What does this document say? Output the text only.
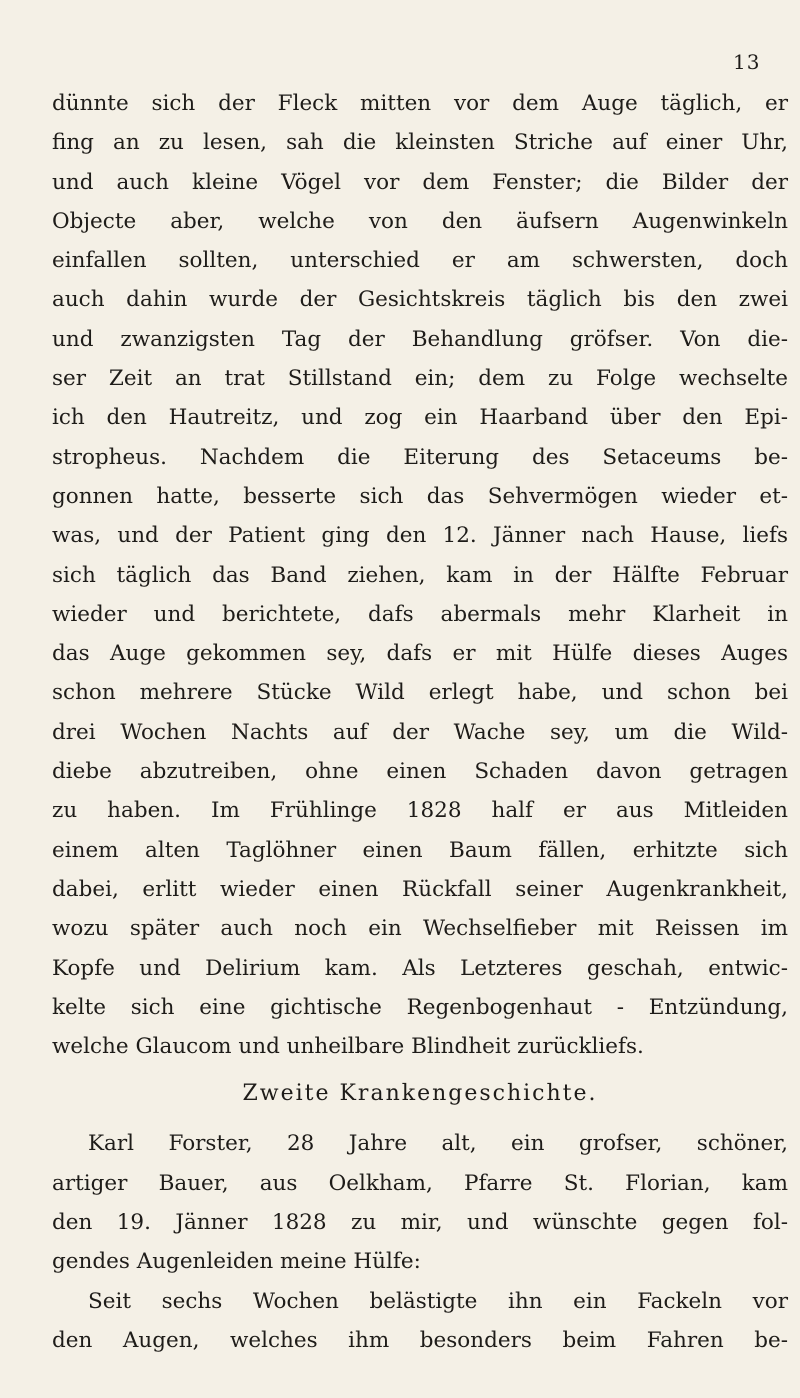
13
dünnte sich der Fleck mitten vor dem Auge täglich, er
fing an zu lesen, sah die kleinsten Striche auf einer Uhr,
und auch kleine Vögel vor dem Fenster; die Bilder der
Objecte aber, welche von den äufsern Augenwinkeln
einfallen sollten, unterschied er am schwersten, doch
auch dahin wurde der Gesichtskreis täglich bis den zwei
und zwanzigsten Tag der Behandlung gröfser. Von die-
ser Zeit an trat Stillstand ein; dem zu Folge wechselte
ich den Hautreitz, und zog ein Haarband über den Epi-
stropheus. Nachdem die Eiterung des Setaceums be-
gonnen hatte, besserte sich das Sehvermögen wieder et-
was, und der Patient ging den 12. Jänner nach Hause, liefs
sich täglich das Band ziehen, kam in der Hälfte Februar
wieder und berichtete, dafs abermals mehr Klarheit in
das Auge gekommen sey, dafs er mit Hülfe dieses Auges
schon mehrere Stücke Wild erlegt habe, und schon bei
drei Wochen Nachts auf der Wache sey, um die Wild-
diebe abzutreiben, ohne einen Schaden davon getragen
zu haben. Im Frühlinge 1828 half er aus Mitleiden
einem alten Taglöhner einen Baum fällen, erhitzte sich
dabei, erlitt wieder einen Rückfall seiner Augenkrankheit,
wozu später auch noch ein Wechselfieber mit Reissen im
Kopfe und Delirium kam. Als Letzteres geschah, entwic-
kelte sich eine gichtische Regenbogenhaut - Entzündung,
welche Glaucom und unheilbare Blindheit zurückliefs.
Zweite Krankengeschichte.
Karl Forster, 28 Jahre alt, ein grofser, schöner,
artiger Bauer, aus Oelkham, Pfarre St. Florian, kam
den 19. Jänner 1828 zu mir, und wünschte gegen fol-
gendes Augenleiden meine Hülfe:
Seit sechs Wochen belästigte ihn ein Fackeln vor
den Augen, welches ihm besonders beim Fahren be-
